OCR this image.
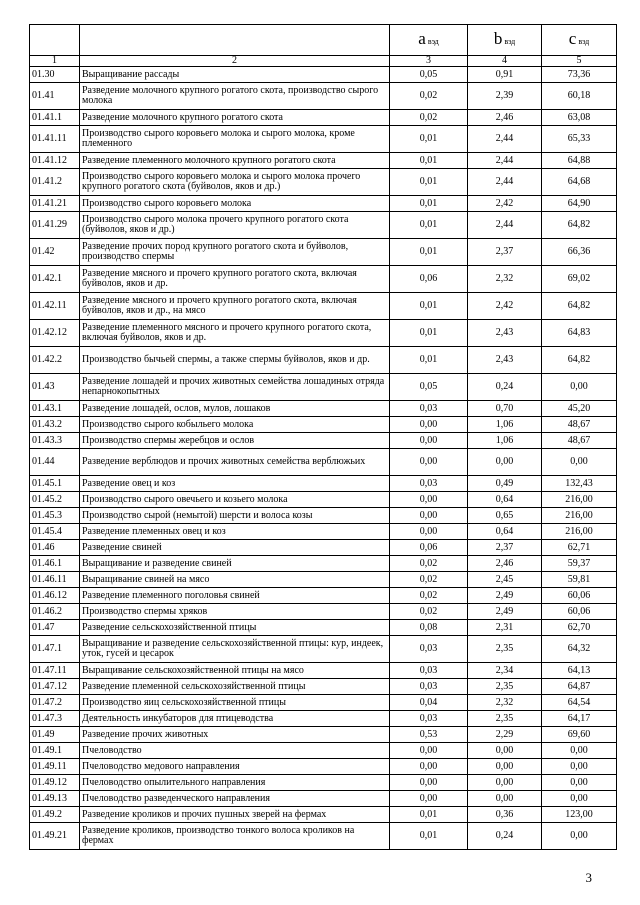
		a вэд	b вэд	c вэд
1	2	3	4	5
01.30	Выращивание рассады	0,05	0,91	73,36
01.41	Разведение молочного крупного рогатого скота, производство сырого молока	0,02	2,39	60,18
01.41.1	Разведение молочного крупного рогатого скота	0,02	2,46	63,08
01.41.11	Производство сырого коровьего молока и сырого молока, кроме племенного	0,01	2,44	65,33
01.41.12	Разведение племенного молочного крупного рогатого скота	0,01	2,44	64,88
01.41.2	Производство сырого коровьего молока и сырого молока прочего крупного рогатого скота (буйволов, яков и др.)	0,01	2,44	64,68
01.41.21	Производство сырого коровьего молока	0,01	2,42	64,90
01.41.29	Производство сырого молока прочего крупного рогатого скота (буйволов, яков и др.)	0,01	2,44	64,82
01.42	Разведение прочих пород крупного рогатого скота и буйволов, производство спермы	0,01	2,37	66,36
01.42.1	Разведение мясного и прочего крупного рогатого скота, включая буйволов, яков и др.	0,06	2,32	69,02
01.42.11	Разведение мясного и прочего крупного рогатого скота, включая буйволов, яков и др., на мясо	0,01	2,42	64,82
01.42.12	Разведение племенного мясного и прочего крупного рогатого скота, включая буйволов, яков и др.	0,01	2,43	64,83
01.42.2	Производство бычьей спермы, а также спермы буйволов, яков и др.	0,01	2,43	64,82
01.43	Разведение лошадей и прочих животных семейства лошадиных отряда непарнокопытных	0,05	0,24	0,00
01.43.1	Разведение лошадей, ослов, мулов, лошаков	0,03	0,70	45,20
01.43.2	Производство сырого кобыльего молока	0,00	1,06	48,67
01.43.3	Производство спермы жеребцов и ослов	0,00	1,06	48,67
01.44	Разведение верблюдов и прочих животных семейства верблюжьих	0,00	0,00	0,00
01.45.1	Разведение овец и коз	0,03	0,49	132,43
01.45.2	Производство сырого овечьего и козьего молока	0,00	0,64	216,00
01.45.3	Производство сырой (немытой) шерсти и волоса козы	0,00	0,65	216,00
01.45.4	Разведение племенных овец и коз	0,00	0,64	216,00
01.46	Разведение свиней	0,06	2,37	62,71
01.46.1	Выращивание и разведение свиней	0,02	2,46	59,37
01.46.11	Выращивание свиней на мясо	0,02	2,45	59,81
01.46.12	Разведение племенного поголовья свиней	0,02	2,49	60,06
01.46.2	Производство спермы хряков	0,02	2,49	60,06
01.47	Разведение сельскохозяйственной птицы	0,08	2,31	62,70
01.47.1	Выращивание и разведение сельскохозяйственной птицы: кур, индеек, уток, гусей и цесарок	0,03	2,35	64,32
01.47.11	Выращивание сельскохозяйственной птицы на мясо	0,03	2,34	64,13
01.47.12	Разведение племенной сельскохозяйственной птицы	0,03	2,35	64,87
01.47.2	Производство яиц сельскохозяйственной птицы	0,04	2,32	64,54
01.47.3	Деятельность инкубаторов для птицеводства	0,03	2,35	64,17
01.49	Разведение прочих животных	0,53	2,29	69,60
01.49.1	Пчеловодство	0,00	0,00	0,00
01.49.11	Пчеловодство медового направления	0,00	0,00	0,00
01.49.12	Пчеловодство опылительного направления	0,00	0,00	0,00
01.49.13	Пчеловодство разведенческого направления	0,00	0,00	0,00
01.49.2	Разведение кроликов и прочих пушных зверей на фермах	0,01	0,36	123,00
01.49.21	Разведение кроликов, производство тонкого волоса кроликов на фермах	0,01	0,24	0,00
3
